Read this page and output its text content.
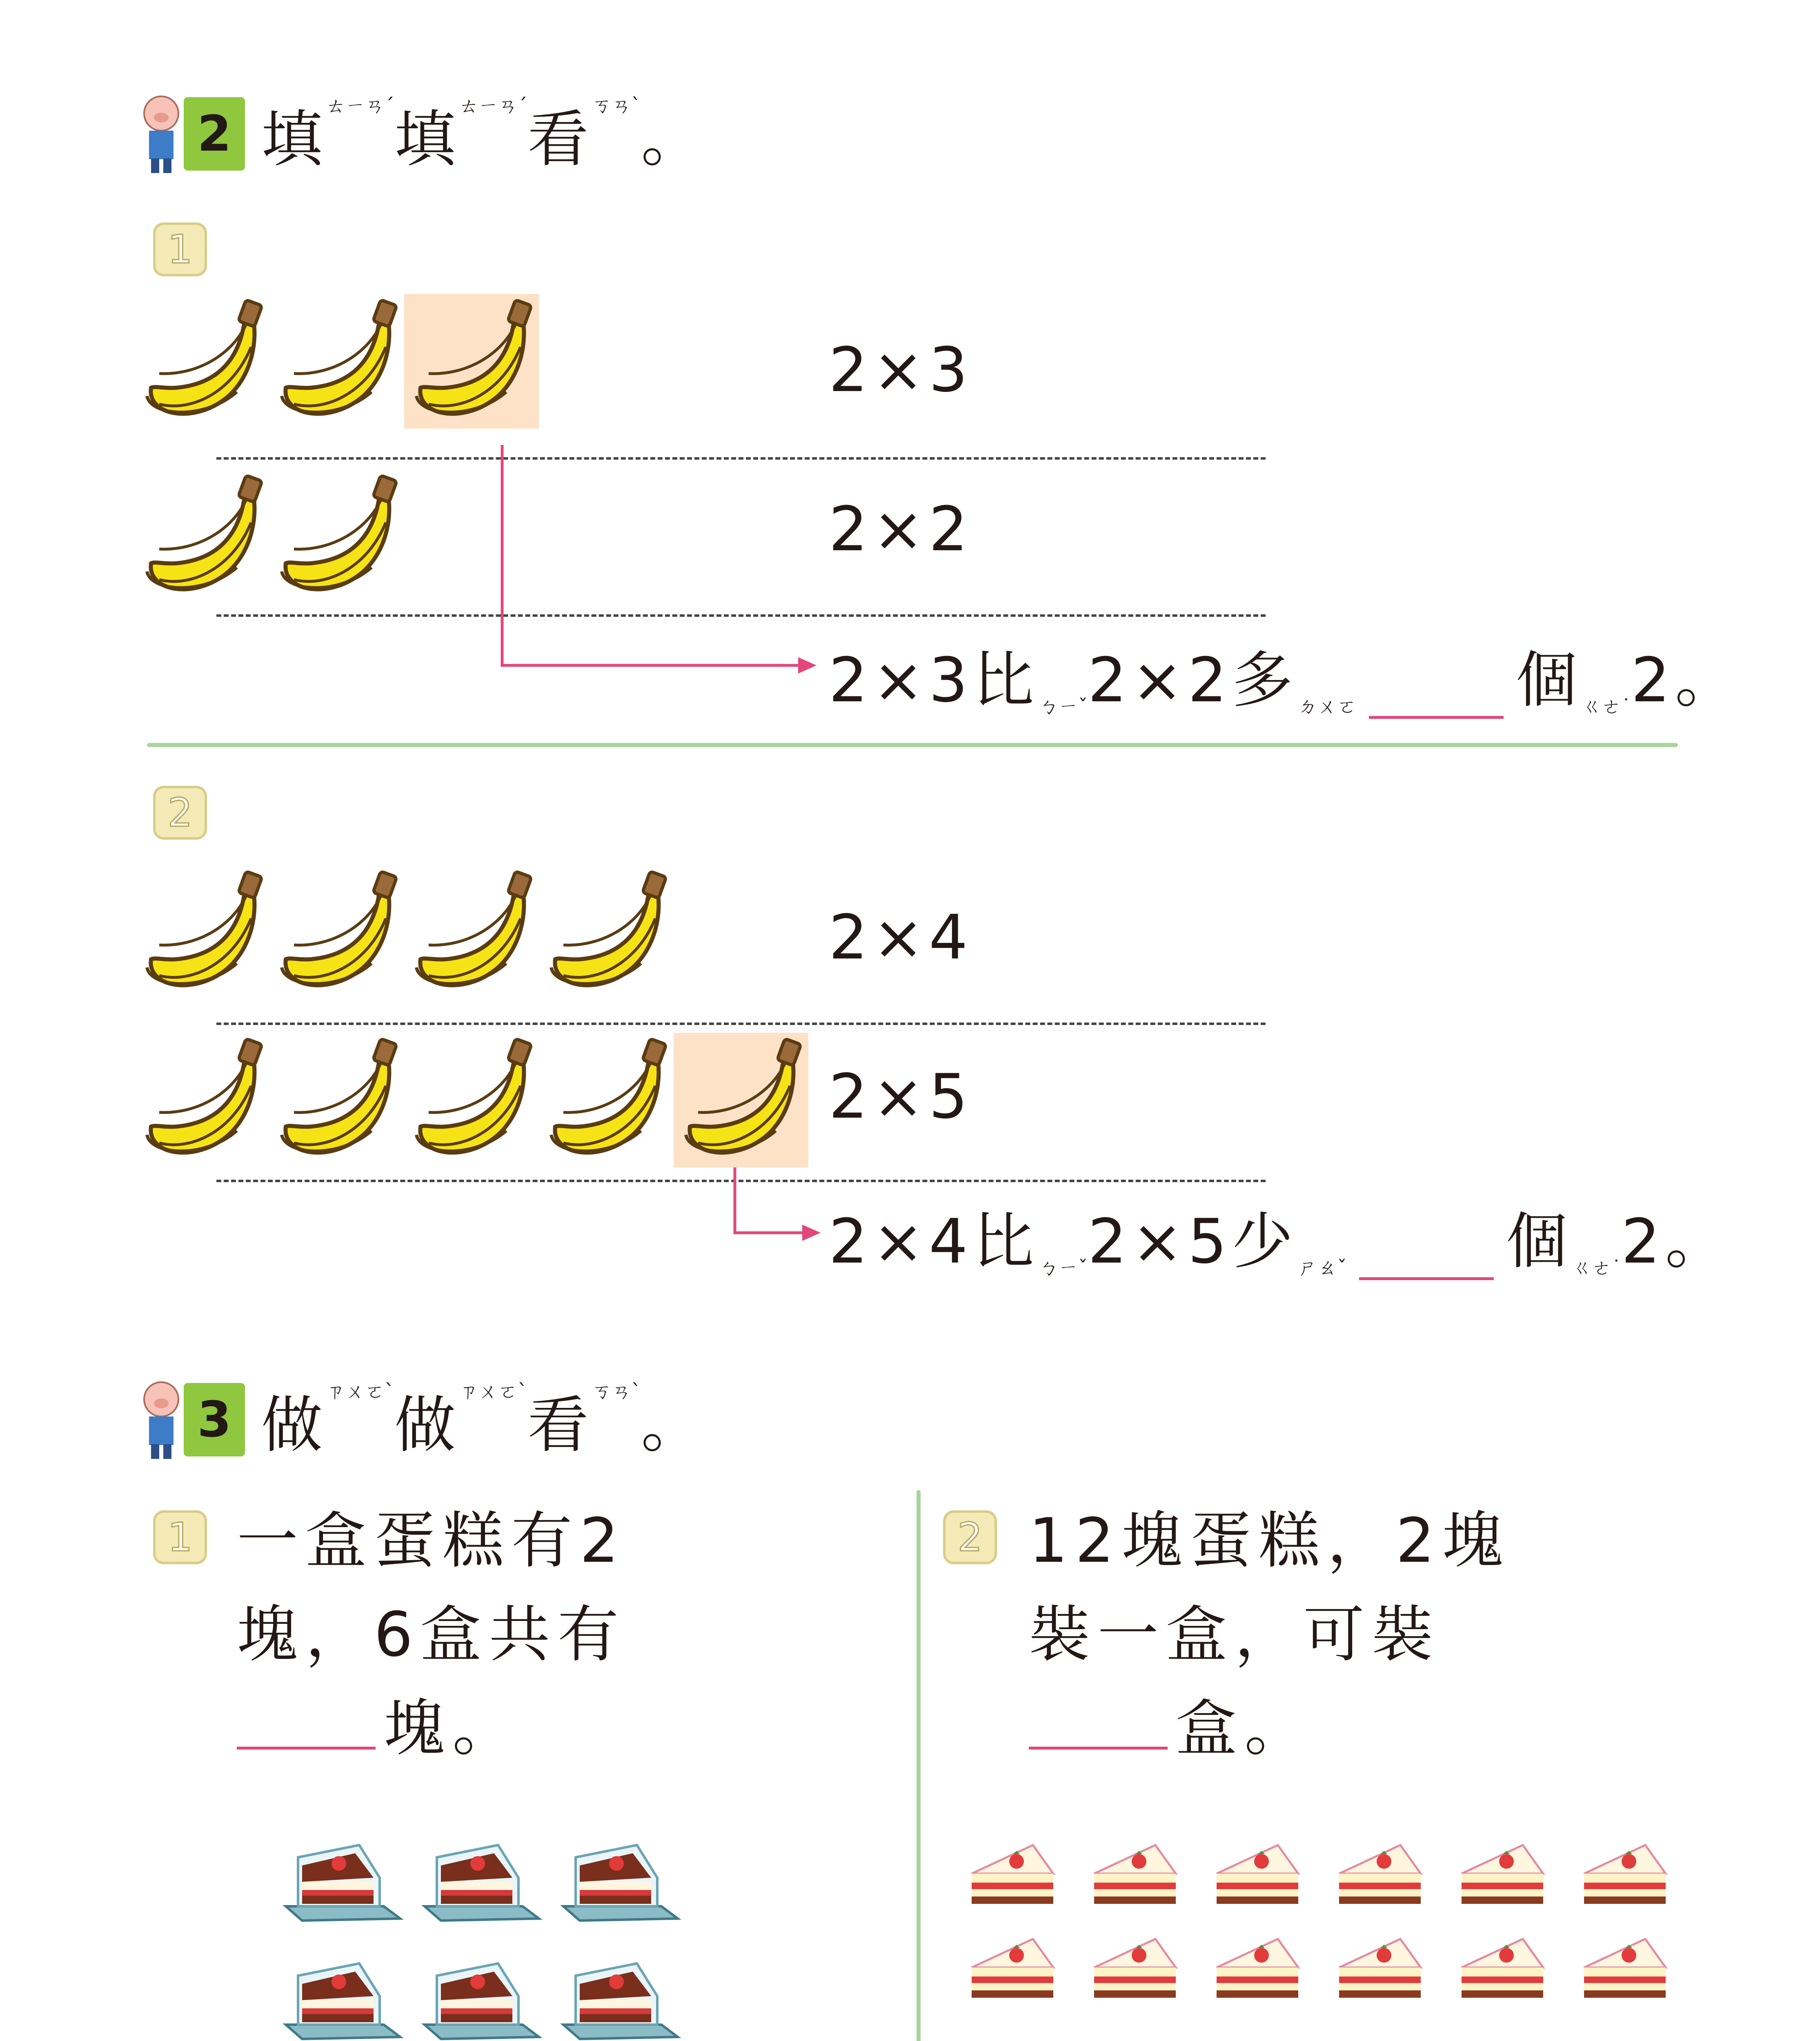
2 填$^{ㄊㄧㄢˊ}$填$^{ㄊㄧㄢˊ}$看$^{ㄎㄢˋ}$。
1
2×3
2×2
2×3比 ㄅㄧˇ 2×2多 ㄉㄨㄛ	個 ㄍㄜ˙ 2。
2
2×4
2×5
2×4比 ㄅㄧˇ 2×5少 ㄕㄠˇ	個 ㄍㄜ˙ 2。
3 做$^{ㄗㄨㄛˋ}$做$^{ㄗㄨㄛˋ}$看$^{ㄎㄢˋ}$。
1 一盒蛋糕有2
塊，6盒共有
塊。
2 12塊蛋糕，2塊
裝一盒，可裝
盒。
